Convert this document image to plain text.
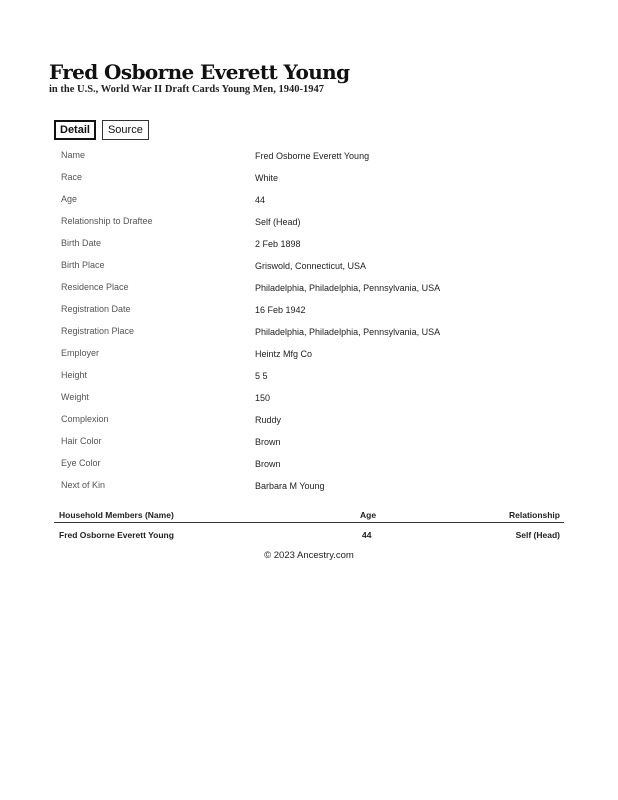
Fred Osborne Everett Young
in the U.S., World War II Draft Cards Young Men, 1940-1947
Detail	Source
Name	Fred Osborne Everett Young
Race	White
Age	44
Relationship to Draftee	Self (Head)
Birth Date	2 Feb 1898
Birth Place	Griswold, Connecticut, USA
Residence Place	Philadelphia, Philadelphia, Pennsylvania, USA
Registration Date	16 Feb 1942
Registration Place	Philadelphia, Philadelphia, Pennsylvania, USA
Employer	Heintz Mfg Co
Height	5 5
Weight	150
Complexion	Ruddy
Hair Color	Brown
Eye Color	Brown
Next of Kin	Barbara M Young
Household Members (Name)	Age	Relationship
Fred Osborne Everett Young	44	Self (Head)
© 2023 Ancestry.com
